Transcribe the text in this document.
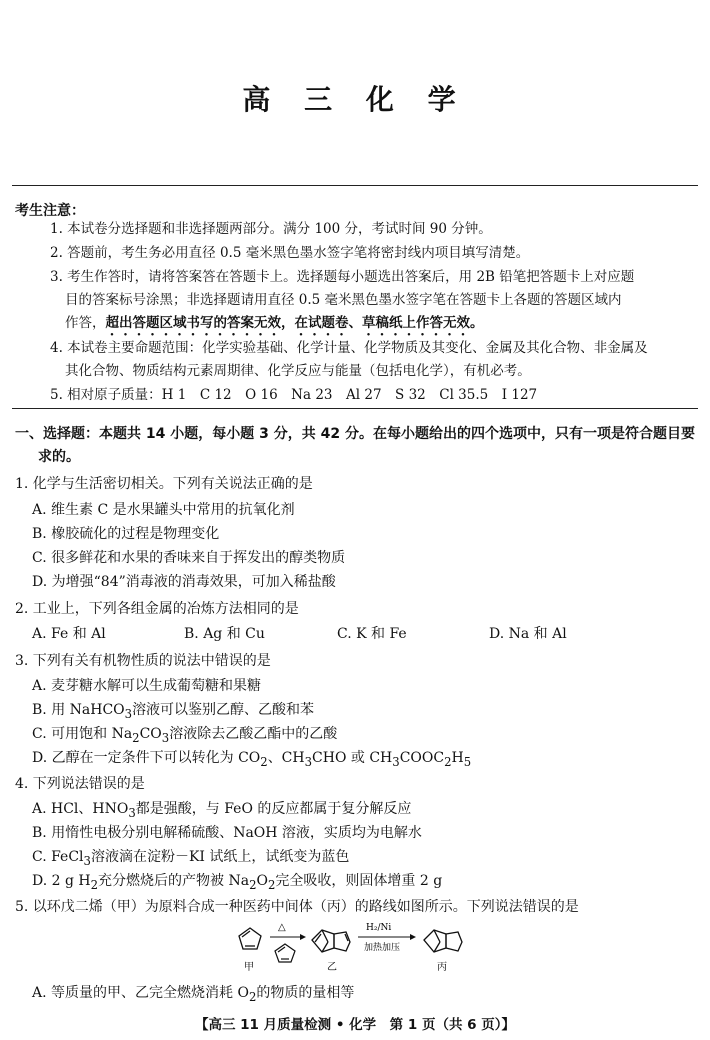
高 三 化 学
考生注意：
1. 本试卷分选择题和非选择题两部分。满分 100 分，考试时间 90 分钟。
2. 答题前，考生务必用直径 0.5 毫米黑色墨水签字笔将密封线内项目填写清楚。
3. 考生作答时，请将答案答在答题卡上。选择题每小题选出答案后，用 2B 铅笔把答题卡上对应题
目的答案标号涂黑；非选择题请用直径 0.5 毫米黑色墨水签字笔在答题卡上各题的答题区域内
作答，超出答题区域书写的答案无效，在试题卷、草稿纸上作答无效。
4. 本试卷主要命题范围：化学实验基础、化学计量、化学物质及其变化、金属及其化合物、非金属及
其化合物、物质结构元素周期律、化学反应与能量（包括电化学），有机必考。
5. 相对原子质量：H 1　C 12　O 16　Na 23　Al 27　S 32　Cl 35.5　I 127
一、选择题：本题共 14 小题，每小题 3 分，共 42 分。在每小题给出的四个选项中，只有一项是符合题目要
求的。
1. 化学与生活密切相关。下列有关说法正确的是
A. 维生素 C 是水果罐头中常用的抗氧化剂
B. 橡胶硫化的过程是物理变化
C. 很多鲜花和水果的香味来自于挥发出的醇类物质
D. 为增强“84”消毒液的消毒效果，可加入稀盐酸
2. 工业上，下列各组金属的冶炼方法相同的是
A. Fe 和 Al	B. Ag 和 Cu	C. K 和 Fe	D. Na 和 Al
3. 下列有关有机物性质的说法中错误的是
A. 麦芽糖水解可以生成葡萄糖和果糖
B. 用 NaHCO$_3$溶液可以鉴别乙醇、乙酸和苯
C. 可用饱和 $Na_2CO_3$溶液除去乙酸乙酯中的乙酸
D. 乙醇在一定条件下可以转化为 $CO_2$、$CH_3CHO$ 或 $CH_3COOC_2H_5$
4. 下列说法错误的是
A. HCl、$HNO_3$都是强酸，与 FeO 的反应都属于复分解反应
B. 用惰性电极分别电解稀硫酸、NaOH 溶液，实质均为电解水
C. FeCl$_3$溶液滴在淀粉－KI 试纸上，试纸变为蓝色
D. 2 g $H_2$充分燃烧后的产物被 $Na_2O_2$完全吸收，则固体增重 2 g
5. 以环戊二烯（甲）为原料合成一种医药中间体（丙）的路线如图所示。下列说法错误的是
甲
△
乙
H₂/Ni
加热加压
丙
A. 等质量的甲、乙完全燃烧消耗 $O_2$的物质的量相等
【高三 11 月质量检测 • 化学　第 1 页（共 6 页）】
